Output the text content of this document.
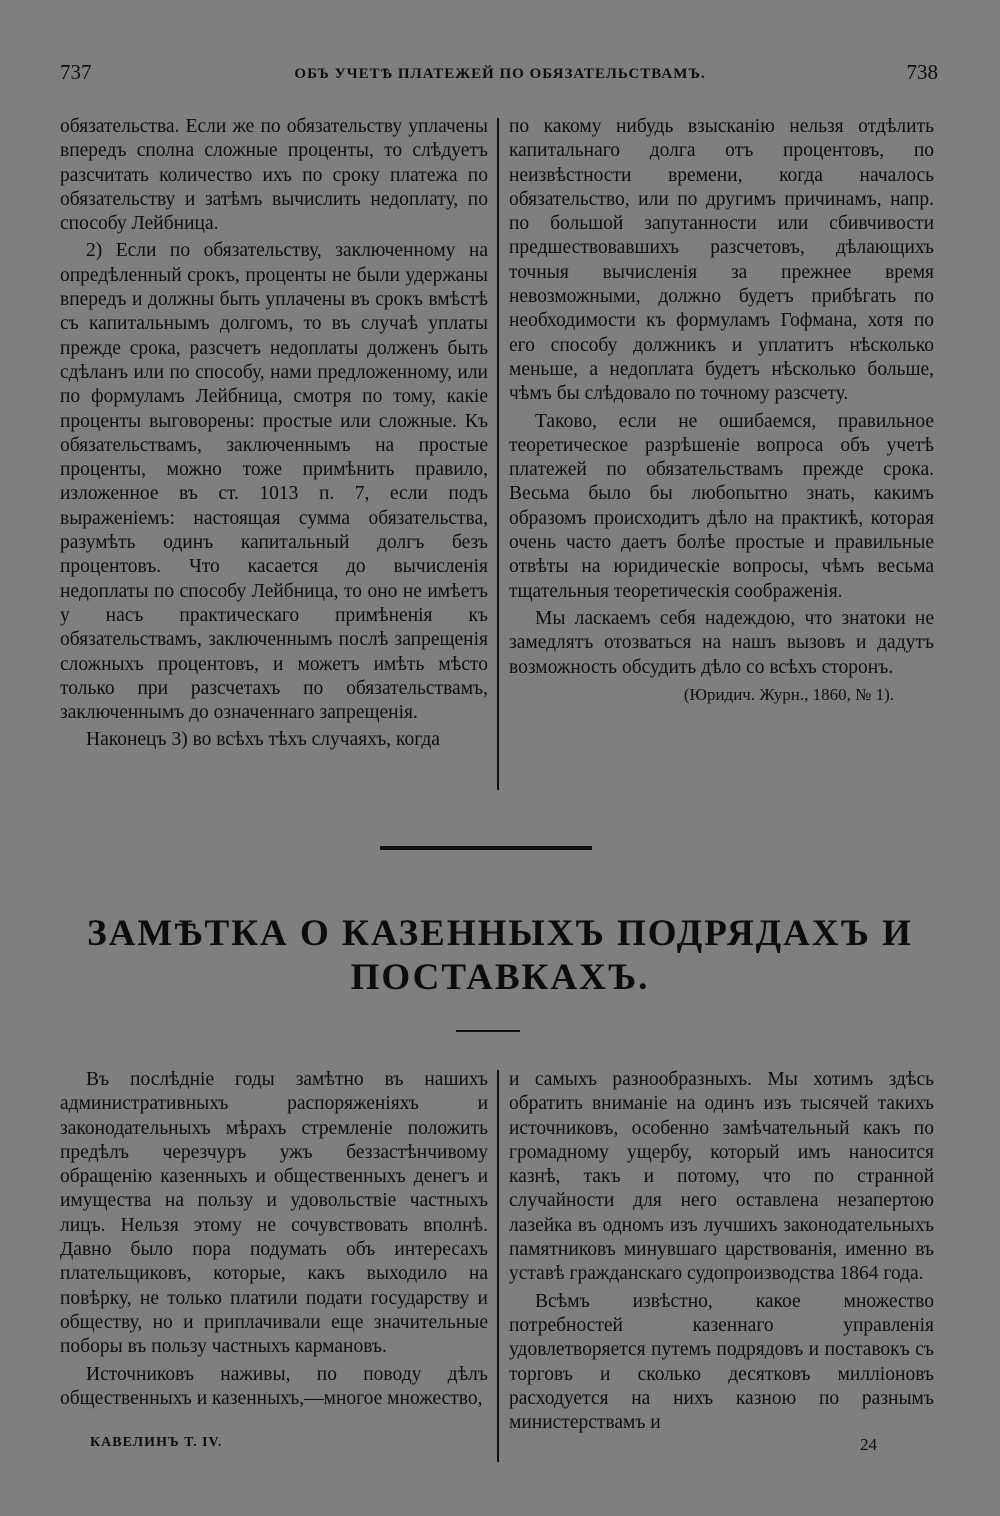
737	ОБЪ УЧЕТѢ ПЛАТЕЖЕЙ ПО ОБЯЗАТЕЛЬСТВАМЪ.	738

обязательства. Если же по обязательству уплачены впередъ сполна сложные проценты, то слѣдуетъ разсчитать количество ихъ по сроку платежа по обязательству и затѣмъ вычислить недоплату, по способу Лейбница.

2) Если по обязательству, заключенному на опредѣленный срокъ, проценты не были удержаны впередъ и должны быть уплачены въ срокъ вмѣстѣ съ капитальнымъ долгомъ, то въ случаѣ уплаты прежде срока, разсчетъ недоплаты долженъ быть сдѣланъ или по способу, нами предложенному, или по формуламъ Лейбница, смотря по тому, какіе проценты выговорены: простые или сложные. Къ обязательствамъ, заключеннымъ на простые проценты, можно тоже примѣнить правило, изложенное въ ст. 1013 п. 7, если подъ выраженіемъ: настоящая сумма обязательства, разумѣть одинъ капитальный долгъ безъ процентовъ. Что касается до вычисленія недоплаты по способу Лейбница, то оно не имѣетъ у насъ практическаго примѣненія къ обязательствамъ, заключеннымъ послѣ запрещенія сложныхъ процентовъ, и можетъ имѣть мѣсто только при разсчетахъ по обязательствамъ, заключеннымъ до означеннаго запрещенія.

Наконецъ 3) во всѣхъ тѣхъ случаяхъ, когда

по какому нибудь взысканію нельзя отдѣлить капитальнаго долга отъ процентовъ, по неизвѣстности времени, когда началось обязательство, или по другимъ причинамъ, напр. по большой запутанности или сбивчивости предшествовавшихъ разсчетовъ, дѣлающихъ точныя вычисленія за прежнее время невозможными, должно будетъ прибѣгать по необходимости къ формуламъ Гофмана, хотя по его способу должникъ и уплатитъ нѣсколько меньше, а недоплата будетъ нѣсколько больше, чѣмъ бы слѣдовало по точному разсчету.

Таково, если не ошибаемся, правильное теоретическое разрѣшеніе вопроса объ учетѣ платежей по обязательствамъ прежде срока. Весьма было бы любопытно знать, какимъ образомъ происходитъ дѣло на практикѣ, которая очень часто даетъ болѣе простые и правильные отвѣты на юридическіе вопросы, чѣмъ весьма тщательныя теоретическія соображенія.

Мы ласкаемъ себя надеждою, что знатоки не замедлятъ отозваться на нашъ вызовъ и дадутъ возможность обсудить дѣло со всѣхъ сторонъ.

(Юридич. Журн., 1860, № 1).
ЗАМѢТКА О КАЗЕННЫХЪ ПОДРЯДАХЪ И ПОСТАВКАХЪ.

Въ послѣдніе годы замѣтно въ нашихъ административныхъ распоряженіяхъ и законодательныхъ мѣрахъ стремленіе положить предѣлъ черезчуръ ужъ беззастѣнчивому обращенію казенныхъ и общественныхъ денегъ и имущества на пользу и удовольствіе частныхъ лицъ. Нельзя этому не сочувствовать вполнѣ. Давно было пора подумать объ интересахъ плательщиковъ, которые, какъ выходило на повѣрку, не только платили подати государству и обществу, но и приплачивали еще значительные поборы въ пользу частныхъ кармановъ.

Источниковъ наживы, по поводу дѣлъ общественныхъ и казенныхъ,—многое множество,

и самыхъ разнообразныхъ. Мы хотимъ здѣсь обратить вниманіе на одинъ изъ тысячей такихъ источниковъ, особенно замѣчательный какъ по громадному ущербу, который имъ наносится казнѣ, такъ и потому, что по странной случайности для него оставлена незапертою лазейка въ одномъ изъ лучшихъ законодательныхъ памятниковъ минувшаго царствованія, именно въ уставѣ гражданскаго судопроизводства 1864 года.

Всѣмъ извѣстно, какое множество потребностей казеннаго управленія удовлетворяется путемъ подрядовъ и поставокъ съ торговъ и сколько десятковъ милліоновъ расходуется на нихъ казною по разнымъ министерствамъ и

КАВЕЛИНЪ Т. IV.	24
